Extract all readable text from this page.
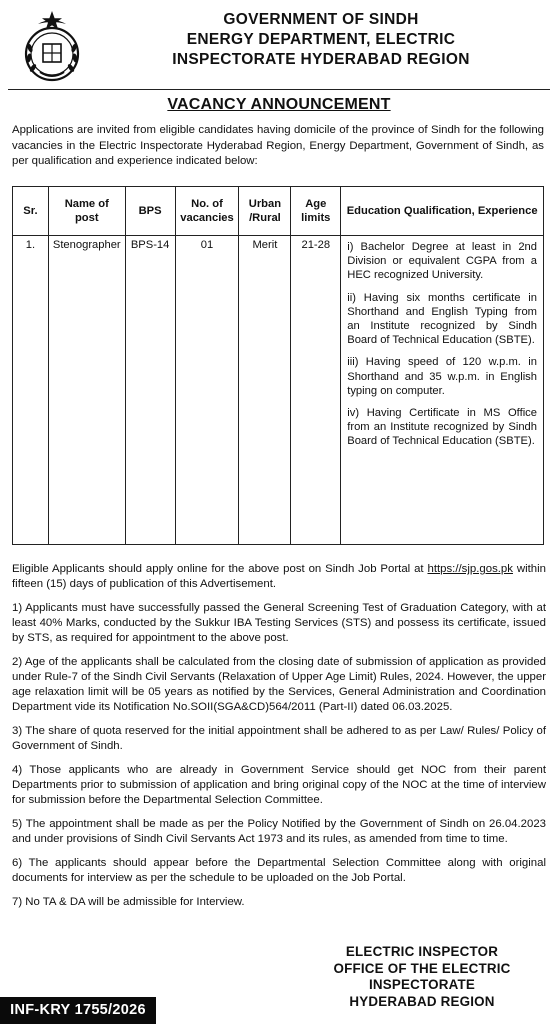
GOVERNMENT OF SINDH
ENERGY DEPARTMENT, ELECTRIC
INSPECTORATE HYDERABAD REGION
VACANCY ANNOUNCEMENT
Applications are invited from eligible candidates having domicile of the province of Sindh for the following vacancies in the Electric Inspectorate Hyderabad Region, Energy Department, Government of Sindh, as per qualification and experience indicated below:
Sr.	Name of post	BPS	No. of vacancies	Urban /Rural	Age limits	Education Qualification, Experience
1.	Stenographer	BPS-14	01	Merit	21-28	i) Bachelor Degree at least in 2nd Division or equivalent CGPA from a HEC recognized University.

ii) Having six months certificate in Shorthand and English Typing from an Institute recognized by Sindh Board of Technical Education (SBTE).

iii) Having speed of 120 w.p.m. in Shorthand and 35 w.p.m. in English typing on computer.

iv) Having Certificate in MS Office from an Institute recognized by Sindh Board of Technical Education (SBTE).

Eligible Applicants should apply online for the above post on Sindh Job Portal at https://sjp.gos.pk within fifteen (15) days of publication of this Advertisement.

1) Applicants must have successfully passed the General Screening Test of Graduation Category, with at least 40% Marks, conducted by the Sukkur IBA Testing Services (STS) and possess its certificate, issued by STS, as required for appointment to the above post.

2) Age of the applicants shall be calculated from the closing date of submission of application as provided under Rule-7 of the Sindh Civil Servants (Relaxation of Upper Age Limit) Rules, 2024. However, the upper age relaxation limit will be 05 years as notified by the Services, General Administration and Coordination Department vide its Notification No.SOII(SGA&CD)564/2011 (Part-II) dated 06.03.2025.

3) The share of quota reserved for the initial appointment shall be adhered to as per Law/ Rules/ Policy of Government of Sindh.

4) Those applicants who are already in Government Service should get NOC from their parent Departments prior to submission of application and bring original copy of the NOC at the time of interview for submission before the Departmental Selection Committee.

5) The appointment shall be made as per the Policy Notified by the Government of Sindh on 26.04.2023 and under provisions of Sindh Civil Servants Act 1973 and its rules, as amended from time to time.

6) The applicants should appear before the Departmental Selection Committee along with original documents for interview as per the schedule to be uploaded on the Job Portal.

7) No TA & DA will be admissible for Interview.

ELECTRIC INSPECTOR
OFFICE OF THE ELECTRIC
INSPECTORATE
HYDERABAD REGION
INF-KRY 1755/2026
